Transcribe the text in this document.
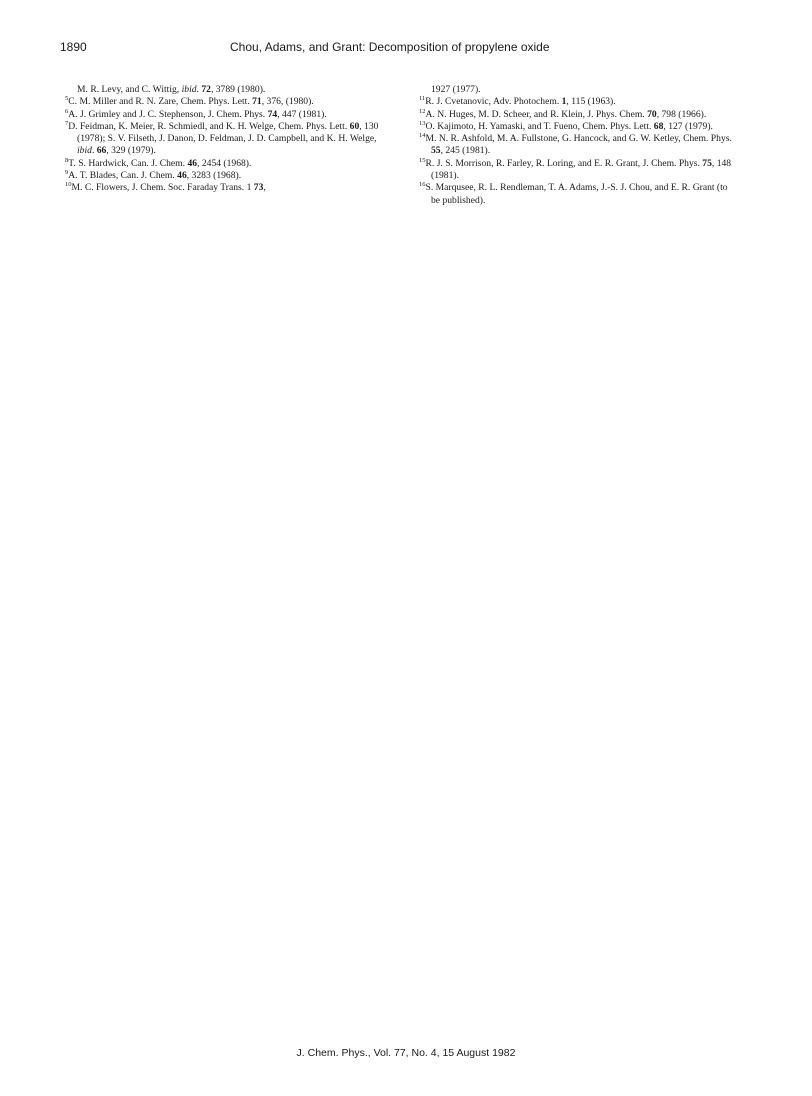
1890	Chou, Adams, and Grant: Decomposition of propylene oxide
M. R. Levy, and C. Wittig, ibid. 72, 3789 (1980).
$^5$C. M. Miller and R. N. Zare, Chem. Phys. Lett. 71, 376, (1980).
$^6$A. J. Grimley and J. C. Stephenson, J. Chem. Phys. 74, 447 (1981).
$^7$D. Feidman, K. Meier, R. Schmiedl, and K. H. Welge, Chem. Phys. Lett. 60, 130 (1978); S. V. Filseth, J. Danon, D. Feldman, J. D. Campbell, and K. H. Welge, ibid. 66, 329 (1979).
$^8$T. S. Hardwick, Can. J. Chem. 46, 2454 (1968).
$^9$A. T. Blades, Can. J. Chem. 46, 3283 (1968).
$^{10}$M. C. Flowers, J. Chem. Soc. Faraday Trans. 1 73,
1927 (1977).
$^{11}$R. J. Cvetanovic, Adv. Photochem. 1, 115 (1963).
$^{12}$A. N. Huges, M. D. Scheer, and R. Klein, J. Phys. Chem. 70, 798 (1966).
$^{13}$O. Kajimoto, H. Yamaski, and T. Fueno, Chem. Phys. Lett. 68, 127 (1979).
$^{14}$M. N. R. Ashfold, M. A. Fullstone, G. Hancock, and G. W. Ketley, Chem. Phys. 55, 245 (1981).
$^{15}$R. J. S. Morrison, R. Farley, R. Loring, and E. R. Grant, J. Chem. Phys. 75, 148 (1981).
$^{16}$S. Marqusee, R. L. Rendleman, T. A. Adams, J.-S. J. Chou, and E. R. Grant (to be published).
J. Chem. Phys., Vol. 77, No. 4, 15 August 1982
